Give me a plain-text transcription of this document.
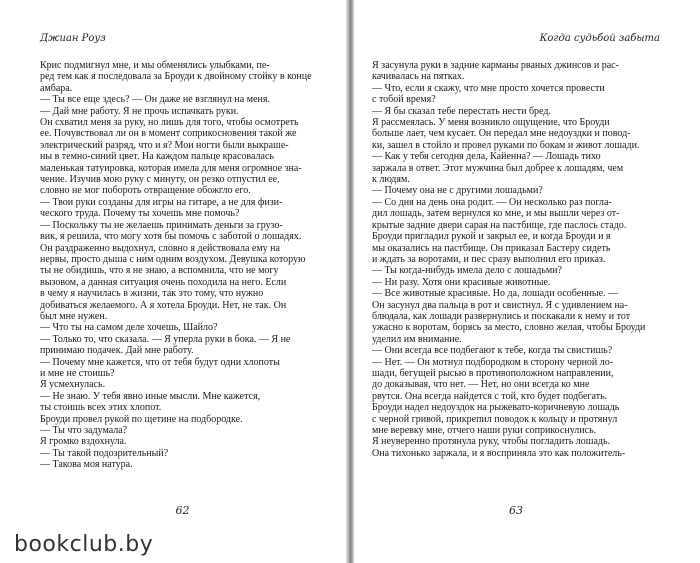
Джиан Роуз
Крис подмигнул мне, и мы обменялись улыбками, пе-
ред тем как я последовала за Броуди к двойному стойку в конце
амбара.
— Ты все еще здесь? — Он даже не взглянул на меня.
— Дай мне работу. Я не прочь испачкать руки.
Он схватил меня за руку, но лишь для того, чтобы осмотреть
ее. Почувствовал ли он в момент соприкосновения такой же
электрический разряд, что и я? Мои ногти были выкраше-
ны в темно-синий цвет. На каждом пальце красовалась
маленькая татуировка, которая имела для меня огромное зна-
чение. Изучив мою руку с минуту, он резко отпустил ее,
словно не мог побороть отвращение обожгло его.
— Твои руки созданы для игры на гитаре, а не для физи-
ческого труда. Почему ты хочешь мне помочь?
— Поскольку ты не желаешь принимать деньги за грузо-
вик, я решила, что могу хотя бы помочь с заботой о лошадях.
Он раздраженно выдохнул, словно я действовала ему на
нервы, просто дыша с ним одним воздухом. Девушка которую
ты не обидишь, что я не знаю, а вспомнила, что не могу
вызовом, а данная ситуация очень походила на него. Если
в чему я научилась в жизни, так это тому, что нужно
добиваться желаемого. А я хотела Броуди. Нет, не так. Он
был мне нужен.
— Что ты на самом деле хочешь, Шайло?
— Только то, что сказала. — Я уперла руки в бока. — Я не
принимаю подачек. Дай мне работу.
— Почему мне кажется, что от тебя будут одни хлопоты
и мне не стоишь?
Я усмехнулась.
— Не знаю. У тебя явно иные мысли. Мне кажется,
ты стоишь всех этих хлопот.
Броуди провел рукой по щетине на подбородке.
— Ты что задумала?
Я громко вздохнула.
— Ты такой подозрительный?
— Такова моя натура.
62
Когда судьбой забыта
Я засунула руки в задние карманы рваных джинсов и рас-
качивалась на пятках.
— Что, если я скажу, что мне просто хочется провести
с тобой время?
— Я бы сказал тебе перестать нести бред.
Я рассмеялась. У меня возникло ощущение, что Броуди
больше лает, чем кусает. Он передал мне недоуздки и повод-
ки, зашел в стойло и провел руками по бокам и живот лошади.
— Как у тебя сегодня дела, Кайенна? — Лошадь тихо
заржала в ответ. Этот мужчина был добрее к лошадям, чем
к людям.
— Почему она не с другими лошадьми?
— Со дня на день она родит. — Он несколько раз погла-
дил лошадь, затем вернулся ко мне, и мы вышли через от-
крытые задние двери сарая на пастбище, где паслось стадо.
Броуди пригладил рукой и закрыл ее, и когда Броуди и я
мы оказались на пастбище. Он приказал Бастеру сидеть
и ждать за воротами, и пес сразу выполнил его приказ.
— Ты когда-нибудь имела дело с лошадьми?
— Ни разу. Хотя они красивые животные.
— Все животные красивые. Но да, лошади особенные. —
Он засунул два пальца в рот и свистнул. Я с удивлением на-
блюдала, как лошади развернулись и поскакали к нему и тот
ужасно к воротам, борясь за место, словно желая, чтобы Броуди
уделил им внимание.
— Они всегда все подбегают к тебе, когда ты свистишь?
— Нет. — Он мотнул подбородком в сторону черной ло-
шади, бегущей рысью в противоположном направлении,
до доказывая, что нет. — Нет, но они всегда ко мне
рвутся. Она всегда найдется с той, кто будет подбегать.
Броуди надел недоуздок на рыжевато-коричневую лошадь
с черной гривой, прикрепил поводок к кольцу и протянул
мне веревку мне, отчего наши руки соприкоснулись.
Я неуверенно протянула руку, чтобы погладить лошадь.
Она тихонько заржала, и я восприняла это как положитель-
63
bookclub.by
